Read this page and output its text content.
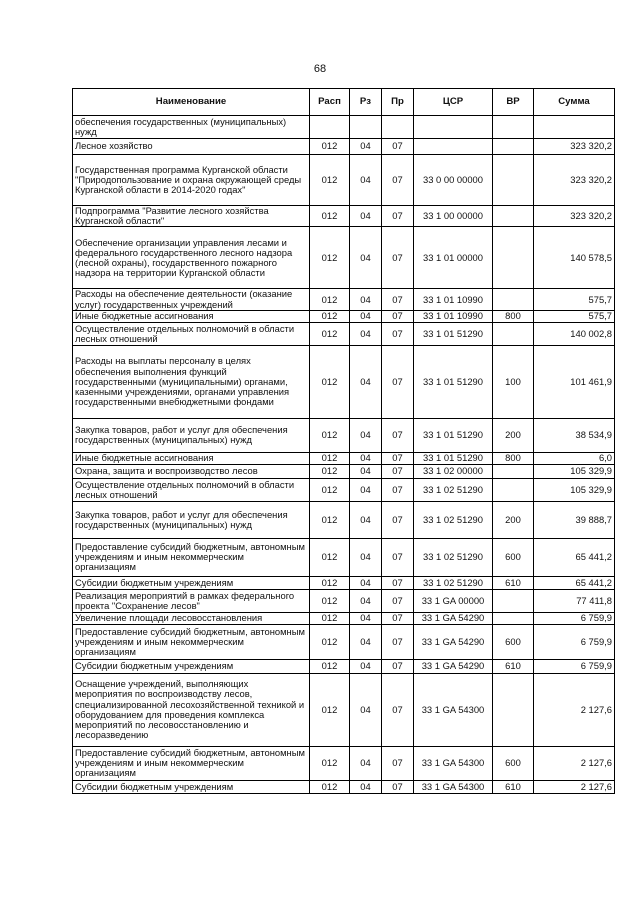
68
Наименование	Расп	Рз	Пр	ЦСР	ВР	Сумма
обеспечения государственных (муниципальных) нужд						
Лесное хозяйство	012	04	07			323 320,2
Государственная программа Курганской области "Природопользование и охрана окружающей среды Курганской области в 2014-2020 годах"	012	04	07	33 0 00 00000		323 320,2
Подпрограмма "Развитие лесного хозяйства Курганской области"	012	04	07	33 1 00 00000		323 320,2
Обеспечение организации управления лесами и федерального государственного лесного надзора (лесной охраны), государственного пожарного надзора на территории Курганской области	012	04	07	33 1 01 00000		140 578,5
Расходы на обеспечение деятельности (оказание услуг) государственных учреждений	012	04	07	33 1 01 10990		575,7
Иные бюджетные ассигнования	012	04	07	33 1 01 10990	800	575,7
Осуществление отдельных полномочий в области лесных отношений	012	04	07	33 1 01 51290		140 002,8
Расходы на выплаты персоналу в целях обеспечения выполнения функций государственными (муниципальными) органами, казенными учреждениями, органами управления государственными внебюджетными фондами	012	04	07	33 1 01 51290	100	101 461,9
Закупка товаров, работ и услуг для обеспечения государственных (муниципальных) нужд	012	04	07	33 1 01 51290	200	38 534,9
Иные бюджетные ассигнования	012	04	07	33 1 01 51290	800	6,0
Охрана, защита и воспроизводство лесов	012	04	07	33 1 02 00000		105 329,9
Осуществление отдельных полномочий в области лесных отношений	012	04	07	33 1 02 51290		105 329,9
Закупка товаров, работ и услуг для обеспечения государственных (муниципальных) нужд	012	04	07	33 1 02 51290	200	39 888,7
Предоставление субсидий бюджетным, автономным учреждениям и иным некоммерческим организациям	012	04	07	33 1 02 51290	600	65 441,2
Субсидии бюджетным учреждениям	012	04	07	33 1 02 51290	610	65 441,2
Реализация мероприятий в рамках федерального проекта "Сохранение лесов"	012	04	07	33 1 GA 00000		77 411,8
Увеличение площади лесовосстановления	012	04	07	33 1 GA 54290		6 759,9
Предоставление субсидий бюджетным, автономным учреждениям и иным некоммерческим организациям	012	04	07	33 1 GA 54290	600	6 759,9
Субсидии бюджетным учреждениям	012	04	07	33 1 GA 54290	610	6 759,9
Оснащение учреждений, выполняющих мероприятия по воспроизводству лесов, специализированной лесохозяйственной техникой и оборудованием для проведения комплекса мероприятий по лесовосстановлению и лесоразведению	012	04	07	33 1 GA 54300		2 127,6
Предоставление субсидий бюджетным, автономным учреждениям и иным некоммерческим организациям	012	04	07	33 1 GA 54300	600	2 127,6
Субсидии бюджетным учреждениям	012	04	07	33 1 GA 54300	610	2 127,6
